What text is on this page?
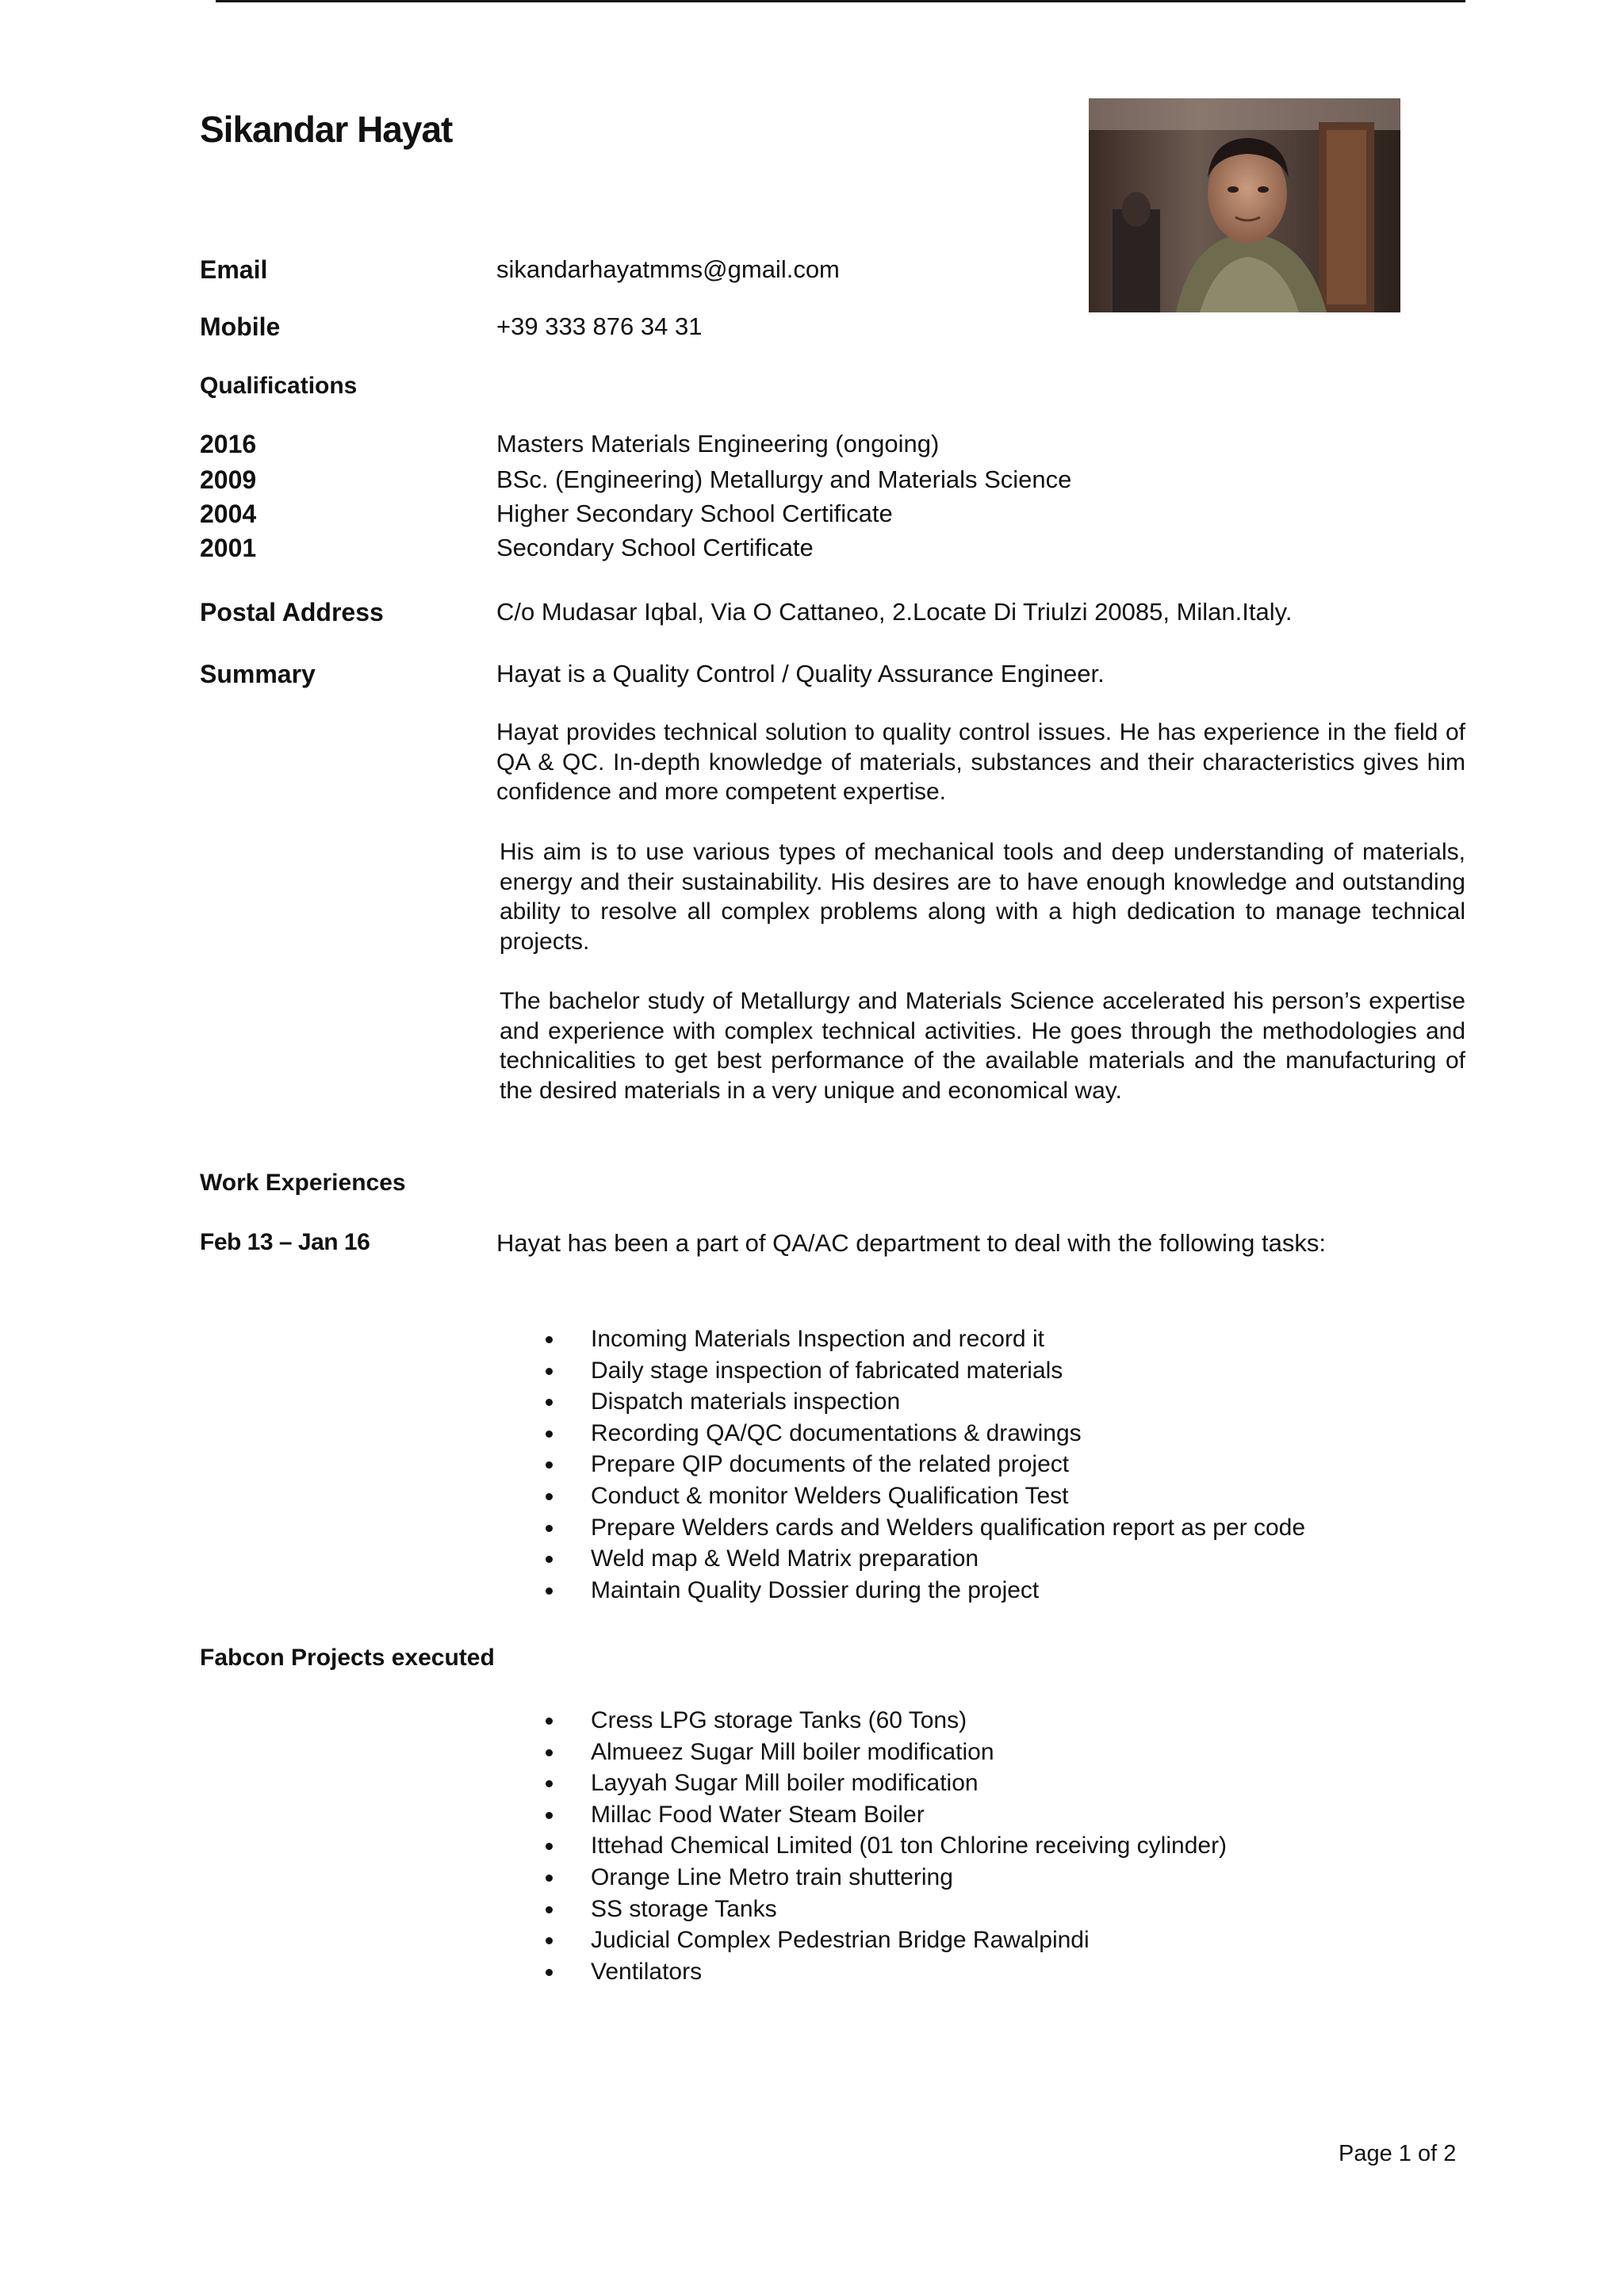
Sikandar Hayat
Email	sikandarhayatmms@gmail.com
Mobile	+39 333 876 34 31
Qualifications
2016	Masters Materials Engineering (ongoing)
2009	BSc. (Engineering) Metallurgy and Materials Science
2004	Higher Secondary School Certificate
2001	Secondary School Certificate
Postal Address	C/o Mudasar Iqbal, Via O Cattaneo, 2.Locate Di Triulzi 20085, Milan.Italy.
Summary	Hayat is a Quality Control / Quality Assurance Engineer.

Hayat provides technical solution to quality control issues. He has experience in the field of QA & QC. In-depth knowledge of materials, substances and their characteristics gives him confidence and more competent expertise.

His aim is to use various types of mechanical tools and deep understanding of materials, energy and their sustainability. His desires are to have enough knowledge and outstanding ability to resolve all complex problems along with a high dedication to manage technical projects.

The bachelor study of Metallurgy and Materials Science accelerated his person’s expertise and experience with complex technical activities. He goes through the methodologies and technicalities to get best performance of the available materials and the manufacturing of the desired materials in a very unique and economical way.

Work Experiences
Feb 13 – Jan 16	Hayat has been a part of QA/AC department to deal with the following tasks:
Incoming Materials Inspection and record it
Daily stage inspection of fabricated materials
Dispatch materials inspection
Recording QA/QC documentations & drawings
Prepare QIP documents of the related project
Conduct & monitor Welders Qualification Test
Prepare Welders cards and Welders qualification report as per code
Weld map & Weld Matrix preparation
Maintain Quality Dossier during the project
Fabcon Projects executed
Cress LPG storage Tanks (60 Tons)
Almueez Sugar Mill boiler modification
Layyah Sugar Mill boiler modification
Millac Food Water Steam Boiler
Ittehad Chemical Limited (01 ton Chlorine receiving cylinder)
Orange Line Metro train shuttering
SS storage Tanks
Judicial Complex Pedestrian Bridge Rawalpindi
Ventilators
Page 1 of 2
